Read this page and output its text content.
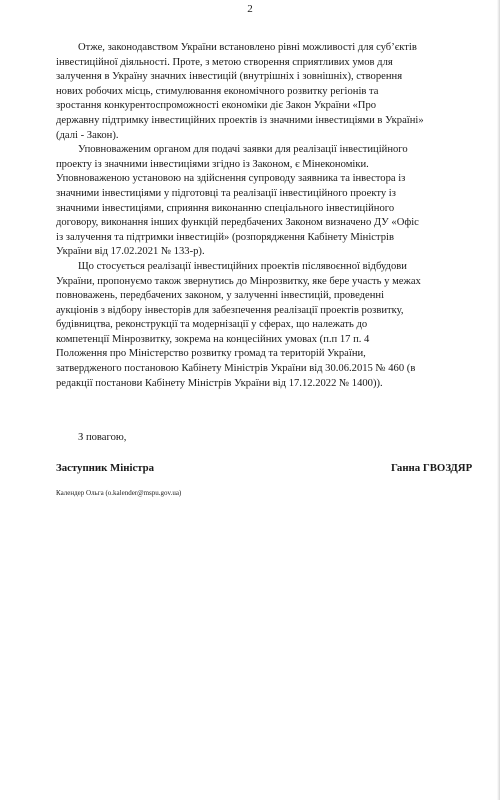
2

Отже, законодавством України встановлено рівні можливості для суб’єктів
інвестиційної діяльності. Проте, з метою створення сприятливих умов для
залучення в Україну значних інвестицій (внутрішніх і зовнішніх), створення
нових робочих місць, стимулювання економічного розвитку регіонів та
зростання конкурентоспроможності економіки діє Закон України «Про
державну підтримку інвестиційних проектів із значними інвестиціями в Україні»
(далі - Закон).

Уповноваженим органом для подачі заявки для реалізації інвестиційного
проекту із значними інвестиціями згідно із Законом, є Мінекономіки.
Уповноваженою установою на здійснення супроводу заявника та інвестора із
значними інвестиціями у підготовці та реалізації інвестиційного проекту із
значними інвестиціями, сприяння виконанню спеціального інвестиційного
договору, виконання інших функцій передбачених Законом визначено ДУ «Офіс
із залучення та підтримки інвестицій» (розпорядження Кабінету Міністрів
України від 17.02.2021 № 133-р).

Що стосується реалізації інвестиційних проектів післявоєнної відбудови
України, пропонуємо також звернутись до Мінрозвитку, яке бере участь у межах
повноважень, передбачених законом, у залученні інвестицій, проведенні
аукціонів з відбору інвесторів для забезпечення реалізації проектів розвитку,
будівництва, реконструкції та модернізації у сферах, що належать до
компетенції Мінрозвитку, зокрема на концесійних умовах (п.п 17 п. 4
Положення про Міністерство розвитку громад та територій України,
затвердженого постановою Кабінету Міністрів України від 30.06.2015 № 460 (в
редакції постанови Кабінету Міністрів України від 17.12.2022 № 1400)).

З повагою,
Заступник Міністра	Ганна ГВОЗДЯР
Календер Ольга (o.kalender@mspu.gov.ua)
